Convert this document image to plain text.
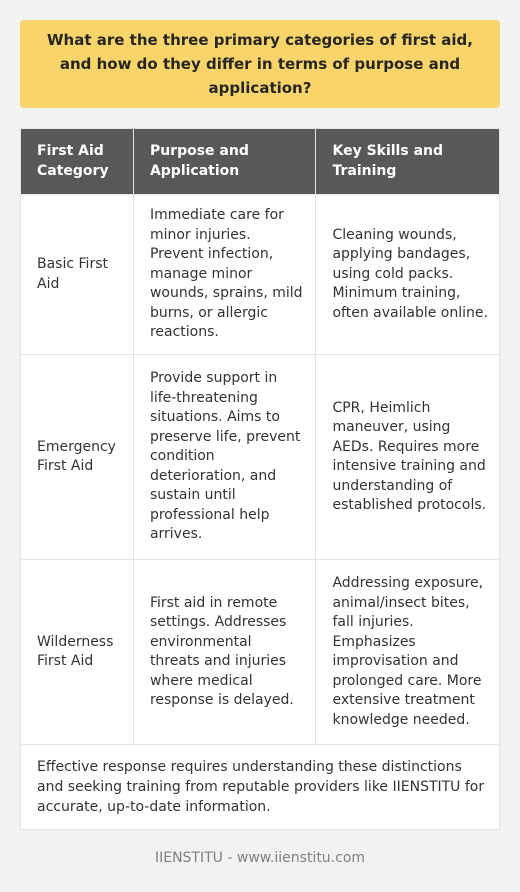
What are the three primary categories of first aid, and how do they differ in terms of purpose and application?
First Aid Category	Purpose and Application	Key Skills and Training
Basic First Aid	Immediate care for minor injuries. Prevent infection, manage minor wounds, sprains, mild burns, or allergic reactions.	Cleaning wounds, applying bandages, using cold packs. Minimum training, often available online.
Emergency First Aid	Provide support in life-threatening situations. Aims to preserve life, prevent condition deterioration, and sustain until professional help arrives.	CPR, Heimlich maneuver, using AEDs. Requires more intensive training and understanding of established protocols.
Wilderness First Aid	First aid in remote settings. Addresses environmental threats and injuries where medical response is delayed.	Addressing exposure, animal/insect bites, fall injuries. Emphasizes improvisation and prolonged care. More extensive treatment knowledge needed.

Effective response requires understanding these distinctions and seeking training from reputable providers like IIENSTITU for accurate, up-to-date information.

IIENSTITU - www.iienstitu.com
